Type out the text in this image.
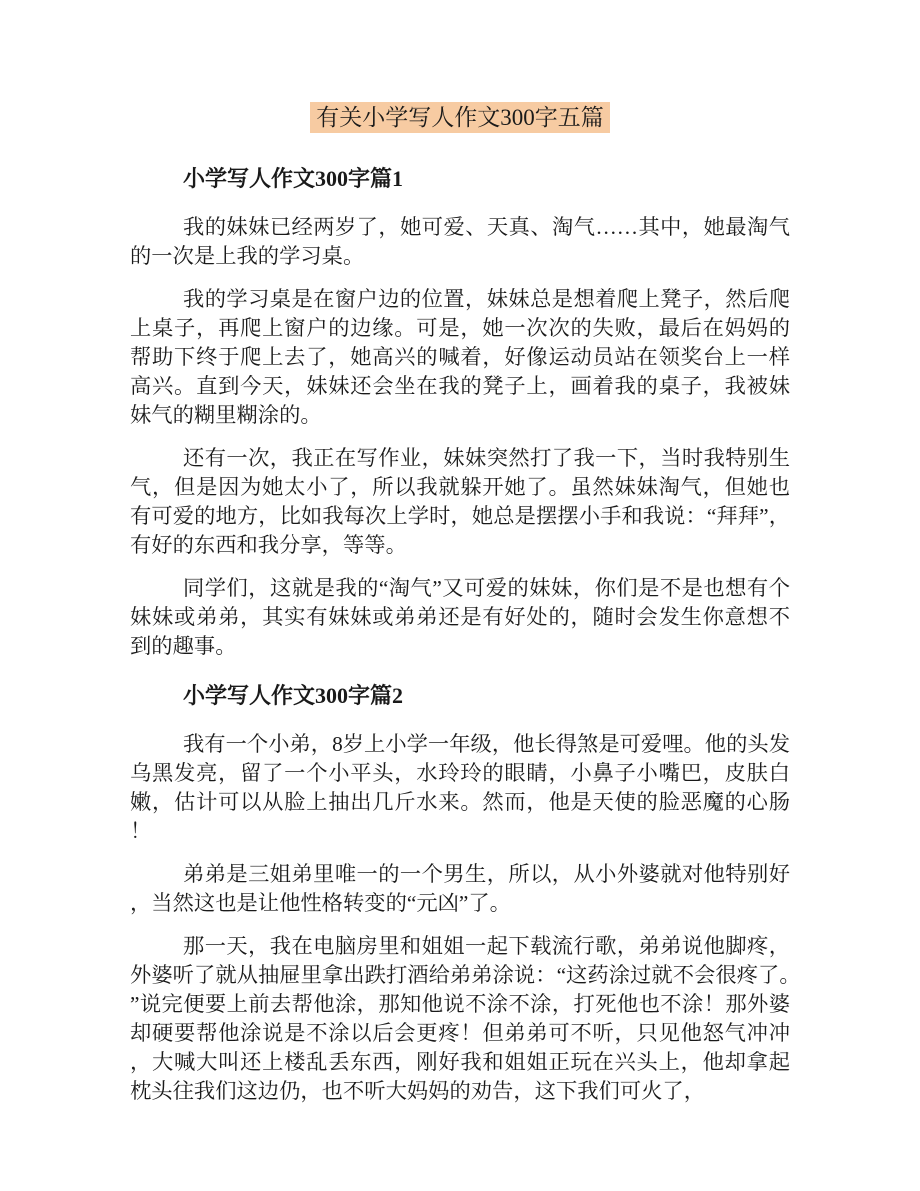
有关小学写人作文300字五篇
小学写人作文300字篇1

我的妹妹已经两岁了，她可爱、天真、淘气……其中，她最淘气的一次是上我的学习桌。

我的学习桌是在窗户边的位置，妹妹总是想着爬上凳子，然后爬上桌子，再爬上窗户的边缘。可是，她一次次的失败，最后在妈妈的帮助下终于爬上去了，她高兴的喊着，好像运动员站在领奖台上一样高兴。直到今天，妹妹还会坐在我的凳子上，画着我的桌子，我被妹妹气的糊里糊涂的。

还有一次，我正在写作业，妹妹突然打了我一下，当时我特别生气，但是因为她太小了，所以我就躲开她了。虽然妹妹淘气，但她也有可爱的地方，比如我每次上学时，她总是摆摆小手和我说：“拜拜”，有好的东西和我分享，等等。

同学们，这就是我的“淘气”又可爱的妹妹，你们是不是也想有个妹妹或弟弟，其实有妹妹或弟弟还是有好处的，随时会发生你意想不到的趣事。

小学写人作文300字篇2

我有一个小弟，8岁上小学一年级，他长得煞是可爱哩。他的头发乌黑发亮，留了一个小平头，水玲玲的眼睛，小鼻子小嘴巴，皮肤白嫩，估计可以从脸上抽出几斤水来。然而，他是天使的脸恶魔的心肠！

弟弟是三姐弟里唯一的一个男生，所以，从小外婆就对他特别好，当然这也是让他性格转变的“元凶”了。

那一天，我在电脑房里和姐姐一起下载流行歌，弟弟说他脚疼，外婆听了就从抽屉里拿出跌打酒给弟弟涂说：“这药涂过就不会很疼了。”说完便要上前去帮他涂，那知他说不涂不涂，打死他也不涂！那外婆却硬要帮他涂说是不涂以后会更疼！但弟弟可不听，只见他怒气冲冲，大喊大叫还上楼乱丢东西，刚好我和姐姐正玩在兴头上，他却拿起枕头往我们这边仍，也不听大妈妈的劝告，这下我们可火了，
